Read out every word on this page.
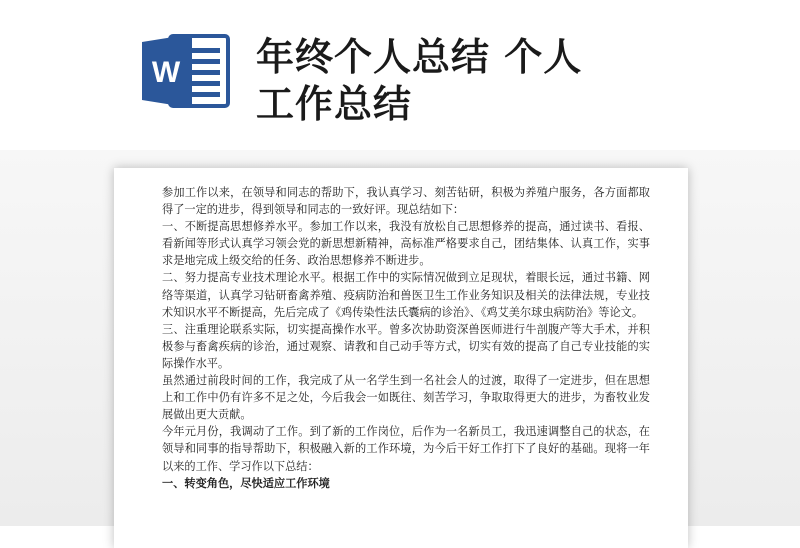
W 年终个人总结 个人
工作总结

参加工作以来，在领导和同志的帮助下，我认真学习、刻苦钻研，积极为养殖户服务，各方面都取得了一定的进步，得到领导和同志的一致好评。现总结如下：

一、不断提高思想修养水平。参加工作以来，我没有放松自己思想修养的提高，通过读书、看报、看新闻等形式认真学习领会党的新思想新精神，高标准严格要求自己，团结集体、认真工作，实事求是地完成上级交给的任务、政治思想修养不断进步。

二、努力提高专业技术理论水平。根据工作中的实际情况做到立足现状，着眼长远，通过书籍、网络等渠道，认真学习钻研畜禽养殖、疫病防治和兽医卫生工作业务知识及相关的法律法规，专业技术知识水平不断提高，先后完成了《鸡传染性法氏囊病的诊治》、《鸡艾美尔球虫病防治》等论文。

三、注重理论联系实际，切实提高操作水平。曾多次协助资深兽医师进行牛剖腹产等大手术，并积极参与畜禽疾病的诊治，通过观察、请教和自己动手等方式，切实有效的提高了自己专业技能的实际操作水平。

虽然通过前段时间的工作，我完成了从一名学生到一名社会人的过渡，取得了一定进步，但在思想上和工作中仍有许多不足之处，今后我会一如既往、刻苦学习，争取取得更大的进步，为畜牧业发展做出更大贡献。

今年元月份，我调动了工作。到了新的工作岗位，后作为一名新员工，我迅速调整自己的状态，在领导和同事的指导帮助下，积极融入新的工作环境，为今后干好工作打下了良好的基础。现将一年以来的工作、学习作以下总结：

一、转变角色，尽快适应工作环境
